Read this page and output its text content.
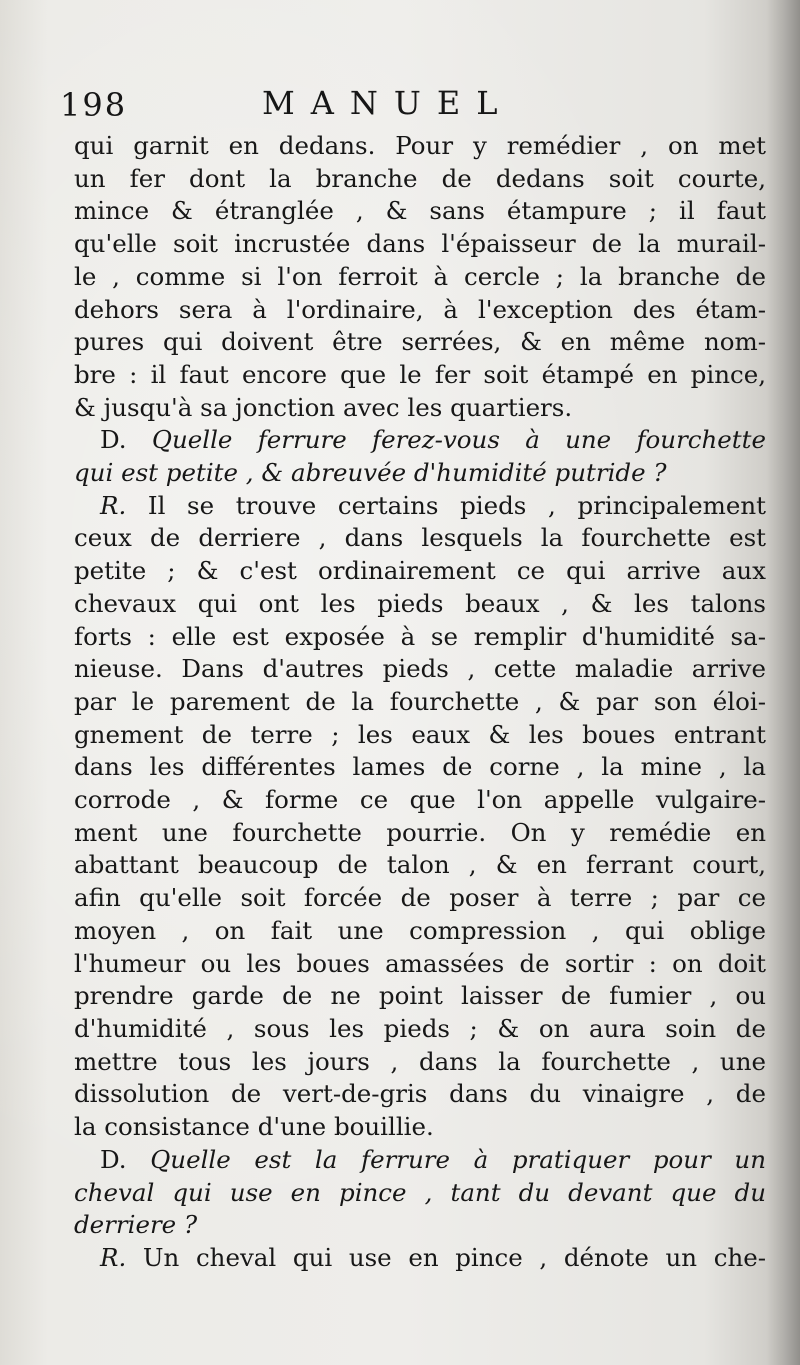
198	MANUEL
qui garnit en dedans. Pour y remédier , on met
un fer dont la branche de dedans soit courte,
mince & étranglée , & sans étampure ; il faut
qu'elle soit incrustée dans l'épaisseur de la murail-
le , comme si l'on ferroit à cercle ; la branche de
dehors sera à l'ordinaire, à l'exception des étam-
pures qui doivent être serrées, & en même nom-
bre : il faut encore que le fer soit étampé en pince,
& jusqu'à sa jonction avec les quartiers.
D. Quelle ferrure ferez-vous à une fourchette
qui est petite , & abreuvée d'humidité putride ?
R. Il se trouve certains pieds , principalement
ceux de derriere , dans lesquels la fourchette est
petite ; & c'est ordinairement ce qui arrive aux
chevaux qui ont les pieds beaux , & les talons
forts : elle est exposée à se remplir d'humidité sa-
nieuse. Dans d'autres pieds , cette maladie arrive
par le parement de la fourchette , & par son éloi-
gnement de terre ; les eaux & les boues entrant
dans les différentes lames de corne , la mine , la
corrode , & forme ce que l'on appelle vulgaire-
ment une fourchette pourrie. On y remédie en
abattant beaucoup de talon , & en ferrant court,
afin qu'elle soit forcée de poser à terre ; par ce
moyen , on fait une compression , qui oblige
l'humeur ou les boues amassées de sortir : on doit
prendre garde de ne point laisser de fumier , ou
d'humidité , sous les pieds ; & on aura soin de
mettre tous les jours , dans la fourchette , une
dissolution de vert-de-gris dans du vinaigre , de
la consistance d'une bouillie.
D. Quelle est la ferrure à pratiquer pour un
cheval qui use en pince , tant du devant que du
derriere ?
R. Un cheval qui use en pince , dénote un che-
